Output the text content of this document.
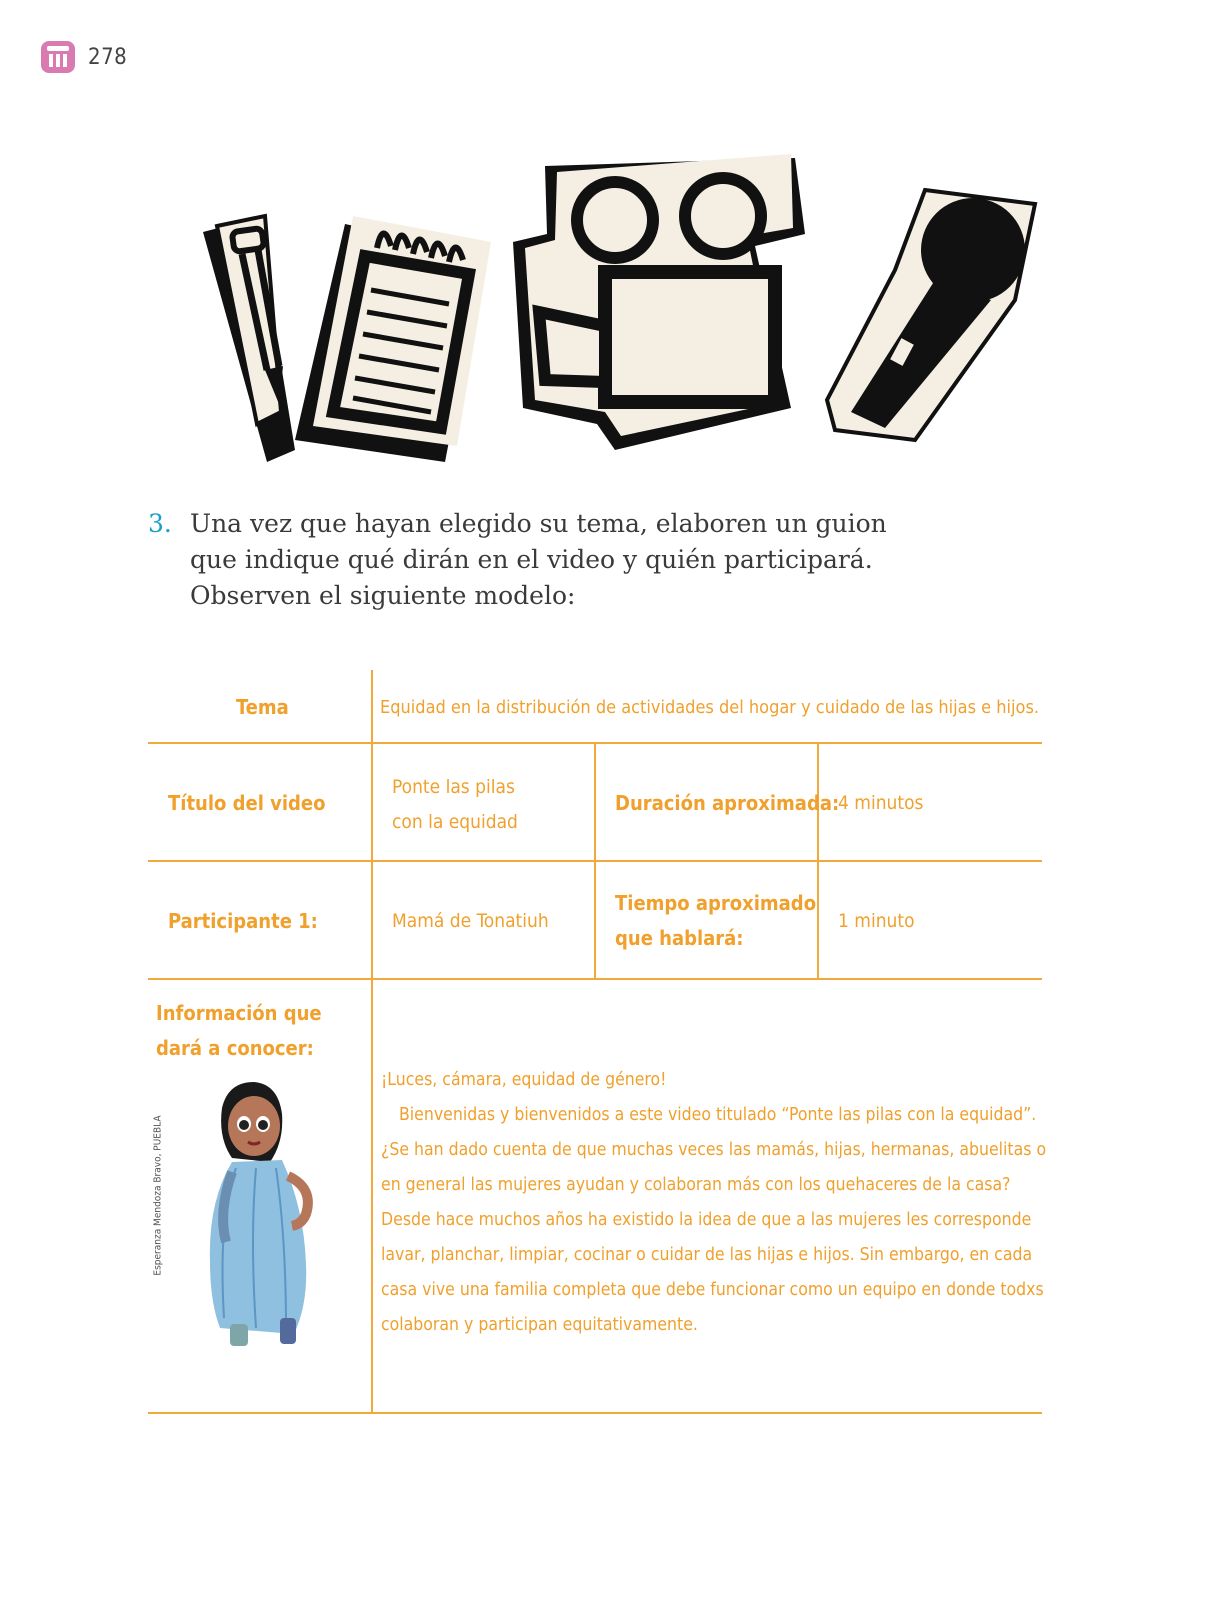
278
3. Una vez que hayan elegido su tema, elaboren un guion que indique qué dirán en el video y quién participará. Observen el siguiente modelo:
Tema	Equidad en la distribución de actividades del hogar y cuidado de las hijas e hijos.
Título del video
Ponte las pilas
con la equidad
Duración aproximada:
4 minutos
Participante 1:	Mamá de Tonatiuh
Tiempo aproximado
que hablará:
1 minuto
Información que
dará a conocer:

¡Luces, cámara, equidad de género!

Bienvenidas y bienvenidos a este video titulado “Ponte las pilas con la equidad”. ¿Se han dado cuenta de que muchas veces las mamás, hijas, hermanas, abuelitas o en general las mujeres ayudan y colaboran más con los quehaceres de la casa? Desde hace muchos años ha existido la idea de que a las mujeres les corresponde lavar, planchar, limpiar, cocinar o cuidar de las hijas e hijos. Sin embargo, en cada casa vive una familia completa que debe funcionar como un equipo en donde todxs colaboran y participan equitativamente.

Esperanza Mendoza Bravo, PUEBLA
